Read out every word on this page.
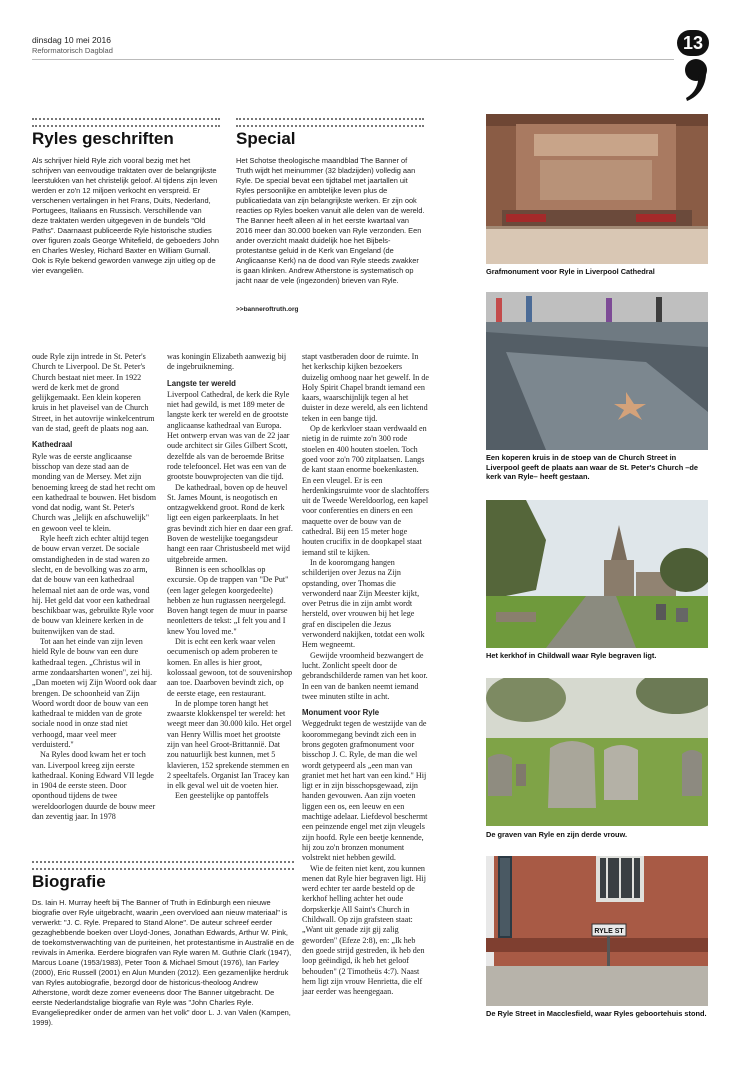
dinsdag 10 mei 2016
Reformatorisch Dagblad	13
Ryles geschriften
Als schrijver hield Ryle zich vooral bezig met het schrijven van eenvoudige traktaten over de belangrijkste leerstukken van het christelijk geloof. Al tijdens zijn leven werden er zo'n 12 miljoen verkocht en verspreid. Er verschenen vertalingen in het Frans, Duits, Nederland, Portugees, Italiaans en Russisch. Verschillende van deze traktaten werden uitgegeven in de bundels "Old Paths". Daarnaast publiceerde Ryle historische studies over figuren zoals George Whitefield, de geboeders John en Charles Wesley, Richard Baxter en William Gurnall. Ook is Ryle bekend geworden vanwege zijn uitleg op de vier evangeliën.
Special
Het Schotse theologische maandblad The Banner of Truth wijdt het meinummer (32 bladzijden) volledig aan Ryle. De special bevat een tijdtabel met jaartallen uit Ryles persoonlijke en ambtelijke leven plus de publicatiedata van zijn belangrijkste werken. Er zijn ook reacties op Ryles boeken vanuit alle delen van de wereld. The Banner heeft alleen al in het eerste kwartaal van 2016 meer dan 30.000 boeken van Ryle verzonden. Een ander overzicht maakt duidelijk hoe het Bijbels-protestantse geluid in de Kerk van Engeland (de Anglicaanse Kerk) na de dood van Ryle steeds zwakker is gaan klinken. Andrew Atherstone is systematisch op jacht naar de vele (ingezonden) brieven van Ryle.
>>banneroftruth.org

oude Ryle zijn intrede in St. Peter's Church te Liverpool. De St. Peter's Church bestaat niet meer. In 1922 werd de kerk met de grond gelijkgemaakt. Een klein koperen kruis in het plaveisel van de Church Street, in het autovrije winkelcentrum van de stad, geeft de plaats nog aan.

Kathedraal

Ryle was de eerste anglicaanse bisschop van deze stad aan de monding van de Mersey. Met zijn benoeming kreeg de stad het recht om een kathedraal te bouwen. Het bisdom vond dat nodig, want St. Peter's Church was „lelijk en afschuwelijk" en gewoon veel te klein.

Ryle heeft zich echter altijd tegen de bouw ervan verzet. De sociale omstandigheden in de stad waren zo slecht, en de bevolking was zo arm, dat de bouw van een kathedraal helemaal niet aan de orde was, vond hij. Het geld dat voor een kathedraal beschikbaar was, gebruikte Ryle voor de bouw van kleinere kerken in de buitenwijken van de stad.

Tot aan het einde van zijn leven hield Ryle de bouw van een dure kathedraal tegen. „Christus wil in arme zondaarsharten wonen", zei hij. „Dan moeten wij Zijn Woord ook daar brengen. De schoonheid van Zijn Woord wordt door de bouw van een kathedraal te midden van de grote sociale nood in onze stad niet verhoogd, maar veel meer verduisterd."

Na Ryles dood kwam het er toch van. Liverpool kreeg zijn eerste kathedraal. Koning Edward VII legde in 1904 de eerste steen. Door oponthoud tijdens de twee wereldoorlogen duurde de bouw meer dan zeventig jaar. In 1978

was koningin Elizabeth aanwezig bij de ingebruikneming.

Langste ter wereld

Liverpool Cathedral, de kerk die Ryle niet had gewild, is met 189 meter de langste kerk ter wereld en de grootste anglicaanse kathedraal van Europa. Het ontwerp ervan was van de 22 jaar oude architect sir Giles Gilbert Scott, dezelfde als van de beroemde Britse rode telefooncel. Het was een van de grootste bouwprojecten van die tijd.

De kathedraal, boven op de heuvel St. James Mount, is neogotisch en ontzagwekkend groot. Rond de kerk ligt een eigen parkeerplaats. In het gras bevindt zich hier en daar een graf. Boven de westelijke toegangsdeur hangt een raar Christusbeeld met wijd uitgebreide armen.

Binnen is een schoolklas op excursie. Op de trappen van "De Put" (een lager gelegen koorgedeelte) hebben ze hun rugtassen neergelegd. Boven hangt tegen de muur in paarse neonletters de tekst: „I felt you and I knew You loved me."

Dit is echt een kerk waar velen oecumenisch op adem proberen te komen. En alles is hier groot, kolossaal gewoon, tot de souvenirshop aan toe. Daarboven bevindt zich, op de eerste etage, een restaurant.

In de plompe toren hangt het zwaarste klokkenspel ter wereld: het weegt meer dan 30.000 kilo. Het orgel van Henry Willis moet het grootste zijn van heel Groot-Brittannië. Dat zou natuurlijk best kunnen, met 5 klavieren, 152 sprekende stemmen en 2 speeltafels. Organist Ian Tracey kan in elk geval wel uit de voeten hier.

Een geestelijke op pantoffels

stapt vastberaden door de ruimte. In het kerkschip kijken bezoekers duizelig omhoog naar het gewelf. In de Holy Spirit Chapel brandt iemand een kaars, waarschijnlijk tegen al het duister in deze wereld, als een lichtend teken in een bange tijd.

Op de kerkvloer staan verdwaald en nietig in de ruimte zo'n 300 rode stoelen en 400 houten stoelen. Toch goed voor zo'n 700 zitplaatsen. Langs de kant staan enorme boekenkasten. En een vleugel. Er is een herdenkingsruimte voor de slachtoffers uit de Tweede Wereldoorlog, een kapel voor conferenties en diners en een maquette over de bouw van de cathedral. Bij een 15 meter hoge houten crucifix in de doopkapel staat iemand stil te kijken.

In de kooromgang hangen schilderijen over Jezus na Zijn opstanding, over Thomas die verwonderd naar Zijn Meester kijkt, over Petrus die in zijn ambt wordt hersteld, over vrouwen bij het lege graf en discipelen die Jezus verwonderd nakijken, totdat een wolk Hem wegneemt.

Gewijde vroomheid bezwangert de lucht. Zonlicht speelt door de gebrandschilderde ramen van het koor. In een van de banken neemt iemand twee minuten stilte in acht.

Monument voor Ryle

Weggedrukt tegen de westzijde van de koorommegang bevindt zich een in brons gegoten grafmonument voor bisschop J. C. Ryle, de man die wel wordt getypeerd als „een man van graniet met het hart van een kind." Hij ligt er in zijn bisschopsgewaad, zijn handen gevouwen. Aan zijn voeten liggen een os, een leeuw en een machtige adelaar. Liefdevol beschermt een peinzende engel met zijn vleugels zijn hoofd. Ryle een beetje kennende, hij zou zo'n bronzen monument volstrekt niet hebben gewild.

Wie de feiten niet kent, zou kunnen menen dat Ryle hier begraven ligt. Hij werd echter ter aarde besteld op de kerkhof helling achter het oude dorpskerkje All Saint's Church in Childwall. Op zijn grafsteen staat: „Want uit genade zijt gij zalig geworden" (Efeze 2:8), en: „Ik heb den goede strijd gestreden, ik heb den loop geëindigd, ik heb het geloof behouden" (2 Timotheüs 4:7). Naast hem ligt zijn vrouw Henrietta, die elf jaar eerder was heengegaan.

Biografie
Ds. Iain H. Murray heeft bij The Banner of Truth in Edinburgh een nieuwe biografie over Ryle uitgebracht, waarin „een overvloed aan nieuw materiaal" is verwerkt: "J. C. Ryle. Prepared to Stand Alone". De auteur schreef eerder gezaghebbende boeken over Lloyd-Jones, Jonathan Edwards, Arthur W. Pink, de toekomstverwachting van de puriteinen, het protestantisme in Australië en de revivals in Amerika. Eerdere biografen van Ryle waren M. Guthrie Clark (1947), Marcus Loane (1953/1983), Peter Toon & Michael Smout (1976), Ian Farley (2000), Eric Russell (2001) en Alun Munden (2012). Een gezamenlijke herdruk van Ryles autobiografie, bezorgd door de historicus-theoloog Andrew Atherstone, wordt deze zomer eveneens door The Banner uitgebracht. De eerste Nederlandstalige biografie van Ryle was "John Charles Ryle. Evangelieprediker onder de armen van het volk" door L. J. van Valen (Kampen, 1999).
Grafmonument voor Ryle in Liverpool Cathedral
Een koperen kruis in de stoep van de Church Street in Liverpool geeft de plaats aan waar de St. Peter's Church –de kerk van Ryle– heeft gestaan.
Het kerkhof in Childwall waar Ryle begraven ligt.
De graven van Ryle en zijn derde vrouw.
RYLE ST
De Ryle Street in Macclesfield, waar Ryles geboortehuis stond.
